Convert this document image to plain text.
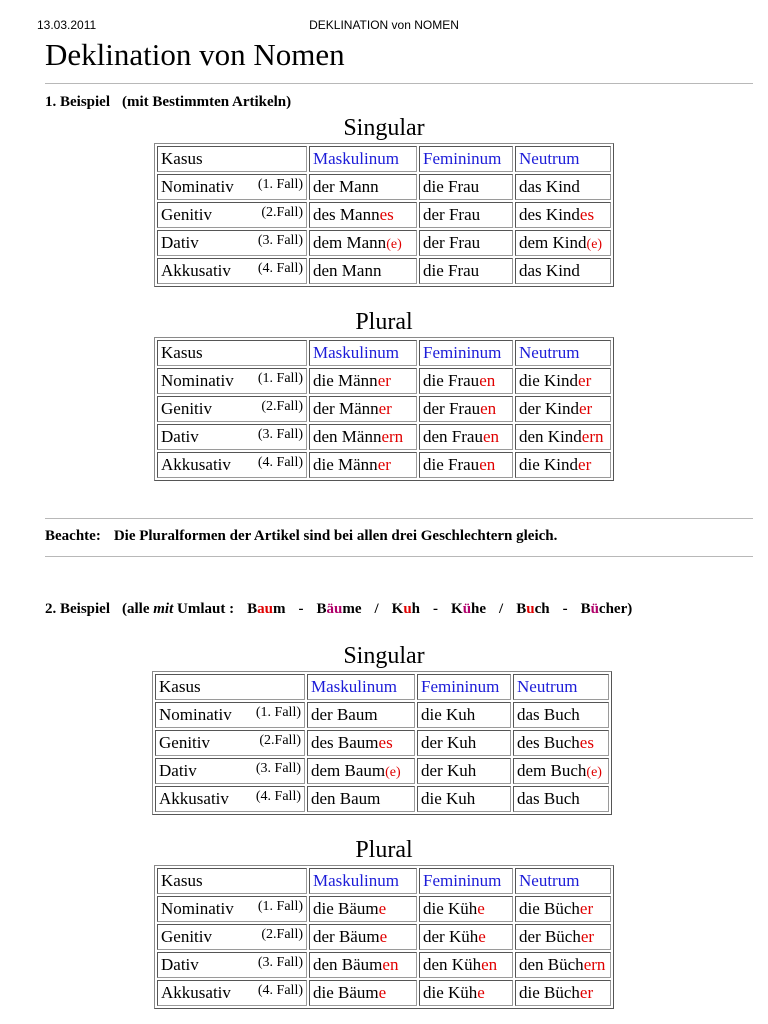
13.03.2011	DEKLINATION von NOMEN
Deklination von Nomen
1. Beispiel (mit Bestimmten Artikeln)
Singular
Kasus	Maskulinum	Femininum	Neutrum
Nominativ (1. Fall)	der Mann	die Frau	das Kind
Genitiv (2.Fall)	des Mannes	der Frau	des Kindes
Dativ (3. Fall)	dem Mann(e)	der Frau	dem Kind(e)
Akkusativ (4. Fall)	den Mann	die Frau	das Kind
Plural
Kasus	Maskulinum	Femininum	Neutrum
Nominativ (1. Fall)	die Männer	die Frauen	die Kinder
Genitiv (2.Fall)	der Männer	der Frauen	der Kinder
Dativ (3. Fall)	den Männern	den Frauen	den Kindern
Akkusativ (4. Fall)	die Männer	die Frauen	die Kinder
Beachte: Die Pluralformen der Artikel sind bei allen drei Geschlechtern gleich.
2. Beispiel (alle mit Umlaut : Baum - Bäume / Kuh - Kühe / Buch - Bücher)
Singular
Kasus	Maskulinum	Femininum	Neutrum
Nominativ (1. Fall)	der Baum	die Kuh	das Buch
Genitiv (2.Fall)	des Baumes	der Kuh	des Buches
Dativ (3. Fall)	dem Baum(e)	der Kuh	dem Buch(e)
Akkusativ (4. Fall)	den Baum	die Kuh	das Buch
Plural
Kasus	Maskulinum	Femininum	Neutrum
Nominativ (1. Fall)	die Bäume	die Kühe	die Bücher
Genitiv (2.Fall)	der Bäume	der Kühe	der Bücher
Dativ (3. Fall)	den Bäumen	den Kühen	den Büchern
Akkusativ (4. Fall)	die Bäume	die Kühe	die Bücher
